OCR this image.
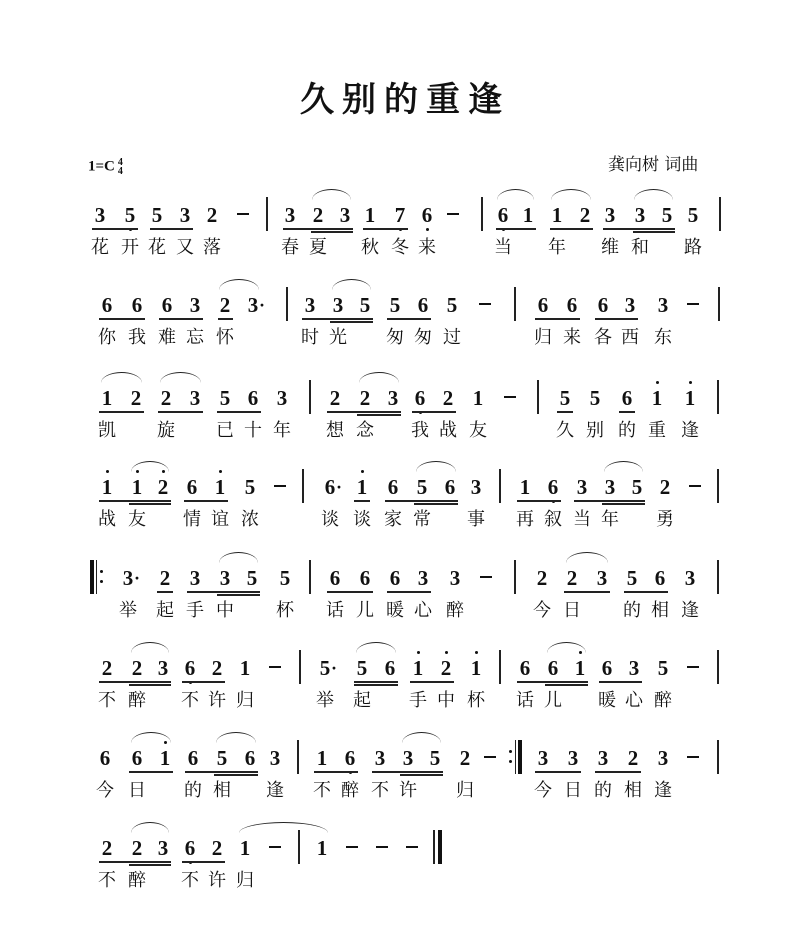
久别的重逢
1=C 4
4	龚向树 词曲
3 5 5 3 2	3 2 3 1 7 6	6 1 1 2 3 3 5 5
花 开 花 又 落	春 夏 秋 冬 来	当 年 维 和 路
6 6 6 3 2 3 · 3 3 5 5 6 5	6 6 6 3 3
你 我 难 忘 怀	时 光 匆 匆 过	归 来 各 西 东
1 2 2 3 5 6 3 2 2 3 6 2 1	5 5 6 1 1
凯 旋 已 十 年 想 念 我 战 友	久 别 的 重 逢
1 1 2 6 1 5	6 · 1 6 5 6 3 1 6 3 3 5 2
战 友 情 谊 浓	谈 谈 家 常 事 再 叙 当 年 勇
3 · 2 3 3 5 5 6 6 6 3 3	2 2 3 5 6 3
举 起 手 中 杯 话 儿 暖 心 醉	今 日 的 相 逢
2 2 3 6 2 1	5 · 5 6 1 2 1 6 6 1 6 3 5
不 醉 不 许 归	举 起 手 中 杯 话 儿 暖 心 醉
6 6 1 6 5 6 3 1 6 3 3 5 2	3 3 3 2 3
今 日 的 相 逢 不 醉 不 许 归	今 日 的 相 逢
2 2 3 6 2 1	1
不 醉 不 许 归
